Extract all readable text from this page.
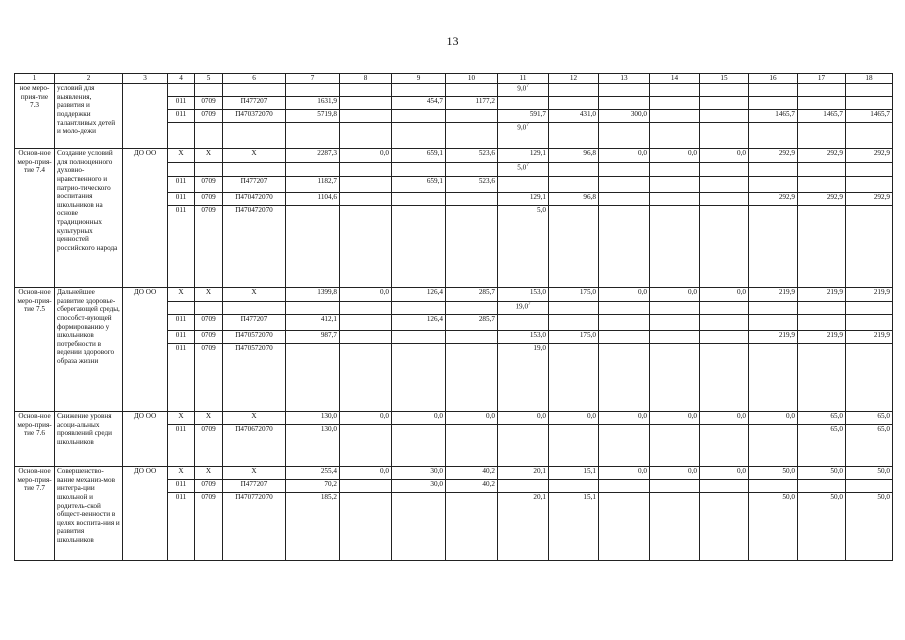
13
1	2	3	4	5	6	7	8	9	10	11	12	13	14	15	16	17	18
ное меро-прия-тие 7.3	условий для выявления, развития и поддержки талантливых детей и моло-дежи									$9,0^7$							
			011	0709	П477207	1631,9		454,7	1177,2								
			011	0709	П470372070	5719,8				591,7	431,0	300,0			1465,7	1465,7	1465,7
										$9,0^7$							
Основ-ное меро-прия-тие 7.4	Создание условий для полноценного духовно-нравственного и патрио-тического воспитания школьников на основе традиционных культурных ценностей российского народа	ДО ОО	Х	Х	Х	2287,3	0,0	659,1	523,6	129,1	96,8	0,0	0,0	0,0	292,9	292,9	292,9
										$5,0^7$							
			011	0709	П477207	1182,7		659,1	523,6								
			011	0709	П470472070	1104,6				129,1	96,8				292,9	292,9	292,9
			011	0709	П470472070					5,0							
Основ-ное меро-прия-тие 7.5	Дальнейшее развитие здоровье-сберегающей среды, способст-вующей формированию у школьников потребности в ведении здорового образа жизни	ДО ОО	Х	Х	Х	1399,8	0,0	126,4	285,7	153,0	175,0	0,0	0,0	0,0	219,9	219,9	219,9
										19,0$^7$							
			011	0709	П477207	412,1		126,4	285,7								
			011	0709	П470572070	987,7				153,0	175,0				219,9	219,9	219,9
			011	0709	П470572070					19,0							
Основ-ное меро-прия-тие 7.6	Снижение уровня асоци-альных проявлений среди школьников	ДО ОО	Х	Х	Х	130,0	0,0	0,0	0,0	0,0	0,0	0,0	0,0	0,0	0,0	65,0	65,0
			011	0709	П470672070	130,0										65,0	65,0
Основ-ное меро-прия-тие 7.7	Совершенство-вание механиз-мов интегра-ции школьной и родитель-ской общест-венности в целях воспита-ния и развития школьников	ДО ОО	Х	Х	Х	255,4	0,0	30,0	40,2	20,1	15,1	0,0	0,0	0,0	50,0	50,0	50,0
			011	0709	П477207	70,2		30,0	40,2								
			011	0709	П470772070	185,2				20,1	15,1				50,0	50,0	50,0
